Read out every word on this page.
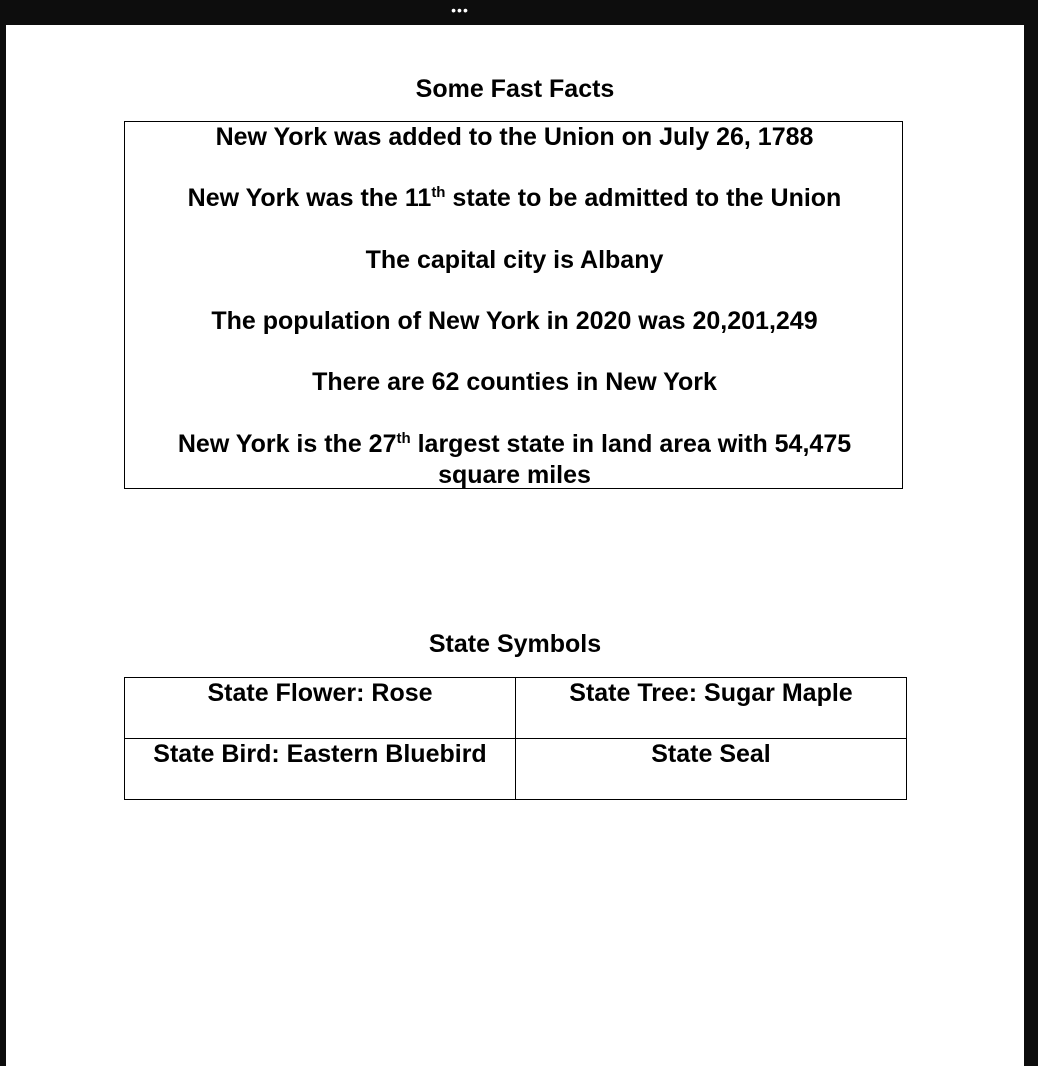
•••
Some Fast Facts

New York was added to the Union on July 26, 1788

New York was the 11th state to be admitted to the Union

The capital city is Albany

The population of New York in 2020 was 20,201,249

There are 62 counties in New York

New York is the 27th largest state in land area with 54,475
square miles

State Symbols
State Flower: Rose	State Tree: Sugar Maple
State Bird: Eastern Bluebird	State Seal
